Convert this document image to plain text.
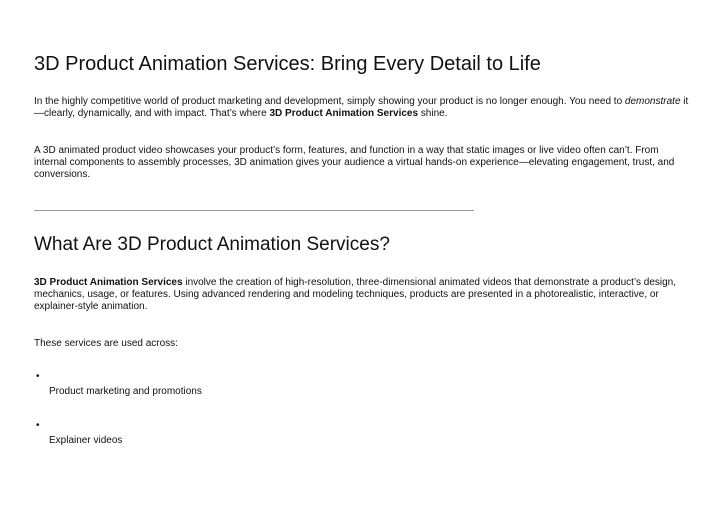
3D Product Animation Services: Bring Every Detail to Life

In the highly competitive world of product marketing and development, simply showing your product is no longer enough. You need to demonstrate it—clearly, dynamically, and with impact. That’s where 3D Product Animation Services shine.

A 3D animated product video showcases your product’s form, features, and function in a way that static images or live video often can’t. From internal components to assembly processes, 3D animation gives your audience a virtual hands-on experience—elevating engagement, trust, and conversions.

What Are 3D Product Animation Services?

3D Product Animation Services involve the creation of high-resolution, three-dimensional animated videos that demonstrate a product’s design, mechanics, usage, or features. Using advanced rendering and modeling techniques, products are presented in a photorealistic, interactive, or explainer-style animation.

These services are used across:

•
Product marketing and promotions
•
Explainer videos
